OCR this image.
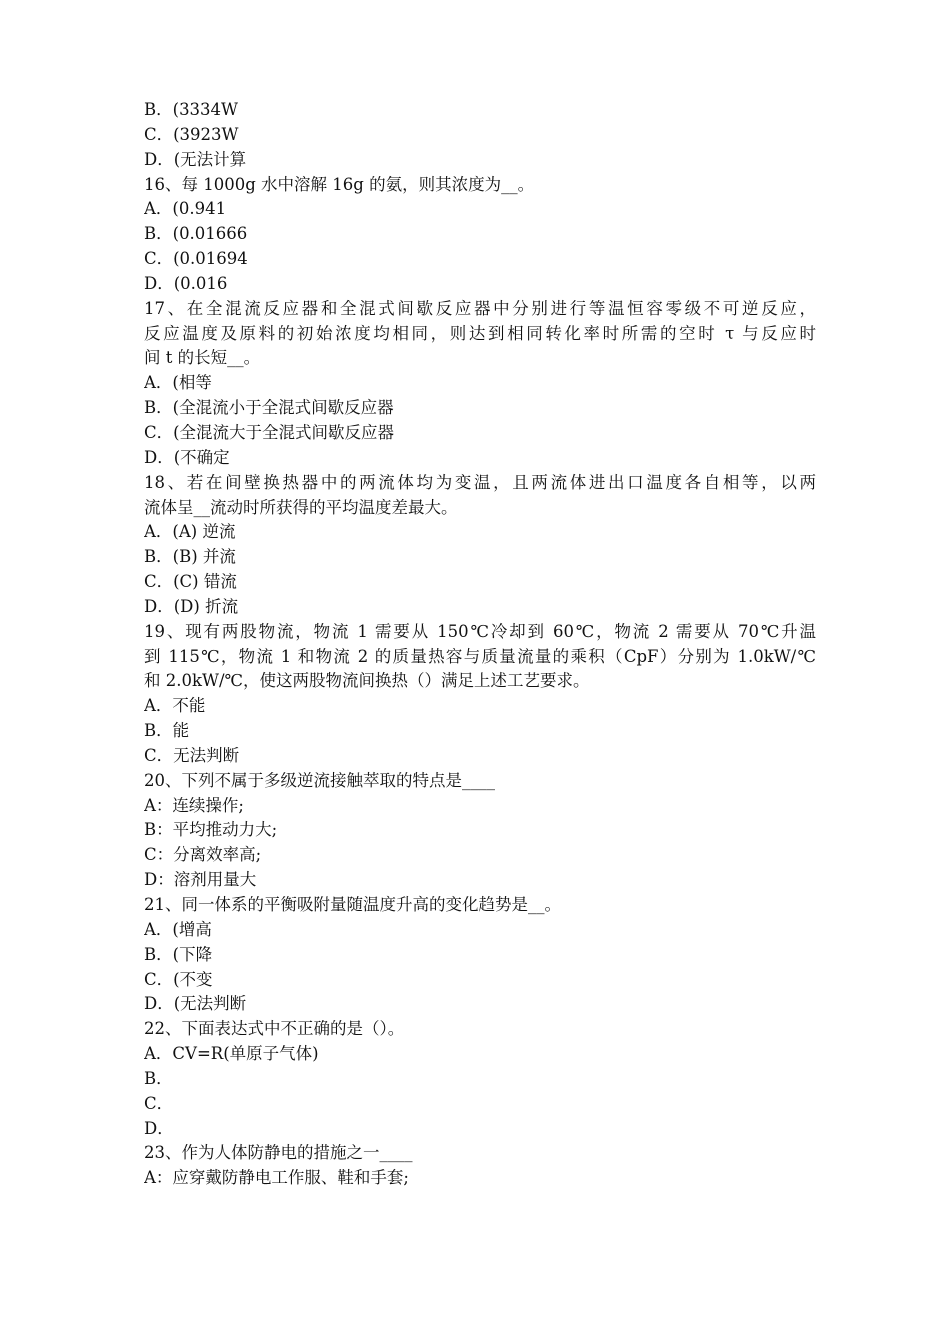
B．(3334W
C．(3923W
D．(无法计算
16、每 1000g 水中溶解 16g 的氨，则其浓度为__。
A．(0.941
B．(0.01666
C．(0.01694
D．(0.016
17、在全混流反应器和全混式间歇反应器中分别进行等温恒容零级不可逆反应，
反应温度及原料的初始浓度均相同，则达到相同转化率时所需的空时 τ 与反应时
间 t 的长短__。
A．(相等
B．(全混流小于全混式间歇反应器
C．(全混流大于全混式间歇反应器
D．(不确定
18、若在间壁换热器中的两流体均为变温，且两流体进出口温度各自相等，以两
流体呈__流动时所获得的平均温度差最大。
A．(A) 逆流
B．(B) 并流
C．(C) 错流
D．(D) 折流
19、现有两股物流，物流 1 需要从 150℃冷却到 60℃，物流 2 需要从 70℃升温
到 115℃，物流 1 和物流 2 的质量热容与质量流量的乘积（CpF）分别为 1.0kW/℃
和 2.0kW/℃，使这两股物流间换热（）满足上述工艺要求。
A．不能
B．能
C．无法判断
20、下列不属于多级逆流接触萃取的特点是____
A：连续操作;
B：平均推动力大;
C：分离效率高;
D：溶剂用量大
21、同一体系的平衡吸附量随温度升高的变化趋势是__。
A．(增高
B．(下降
C．(不变
D．(无法判断
22、下面表达式中不正确的是（）。
A．CV=R(单原子气体)
B．
C．
D．
23、作为人体防静电的措施之一____
A：应穿戴防静电工作服、鞋和手套;
